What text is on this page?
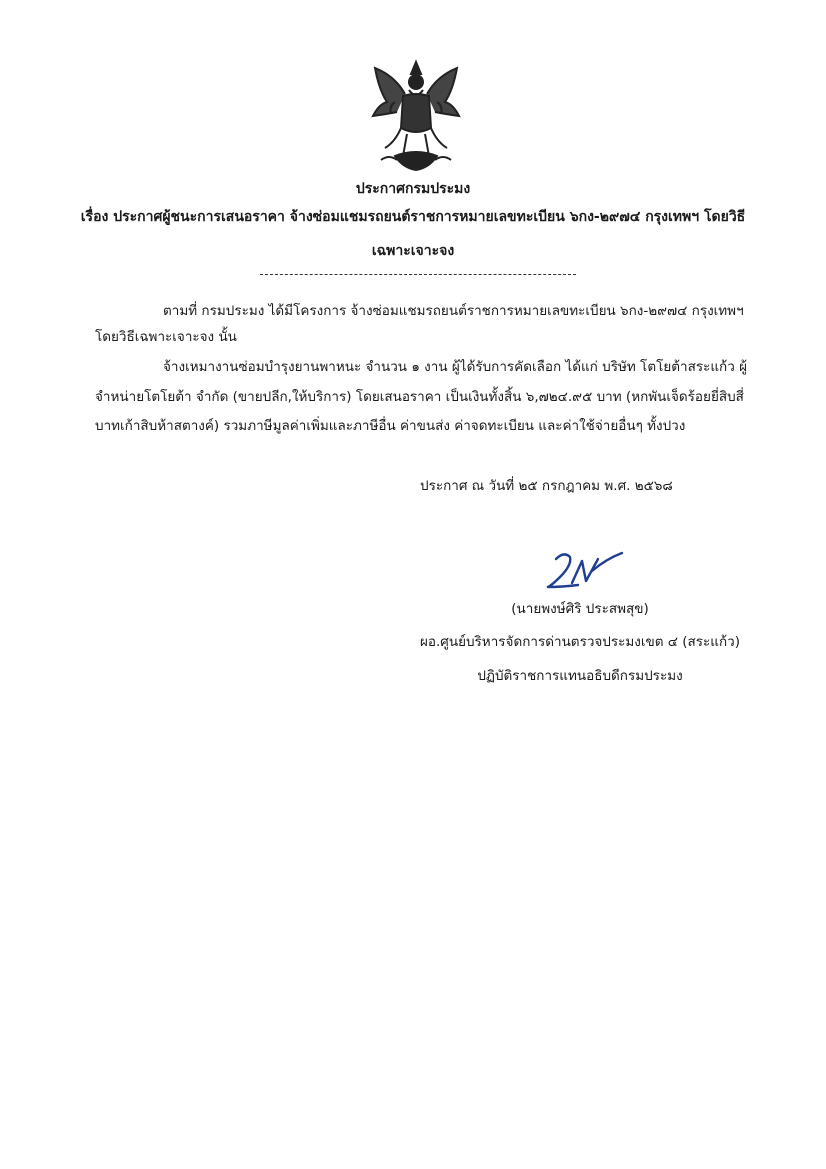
ประกาศกรมประมง
เรื่อง ประกาศผู้ชนะการเสนอราคา จ้างซ่อมแชมรถยนต์ราชการหมายเลขทะเบียน ๖กง-๒๙๗๔ กรุงเทพฯ โดยวิธี
เฉพาะเจาะจง
ตามที่ กรมประมง ได้มีโครงการ จ้างซ่อมแชมรถยนต์ราชการหมายเลขทะเบียน ๖กง-๒๙๗๔ กรุงเทพฯ
โดยวิธีเฉพาะเจาะจง นั้น
จ้างเหมางานซ่อมบำรุงยานพาหนะ จำนวน ๑ งาน ผู้ได้รับการคัดเลือก ได้แก่ บริษัท โตโยต้าสระแก้ว ผู้
จำหน่ายโตโยต้า จำกัด (ขายปลีก,ให้บริการ) โดยเสนอราคา เป็นเงินทั้งสิ้น ๖,๗๒๔.๙๕ บาท (หกพันเจ็ดร้อยยี่สิบสี่
บาทเก้าสิบห้าสตางค์) รวมภาษีมูลค่าเพิ่มและภาษีอื่น ค่าขนส่ง ค่าจดทะเบียน และค่าใช้จ่ายอื่นๆ ทั้งปวง
ประกาศ ณ วันที่ ๒๕ กรกฎาคม พ.ศ. ๒๕๖๘
(นายพงษ์ศิริ ประสพสุข)
ผอ.ศูนย์บริหารจัดการด่านตรวจประมงเขต ๔ (สระแก้ว)
ปฏิบัติราชการแทนอธิบดีกรมประมง
